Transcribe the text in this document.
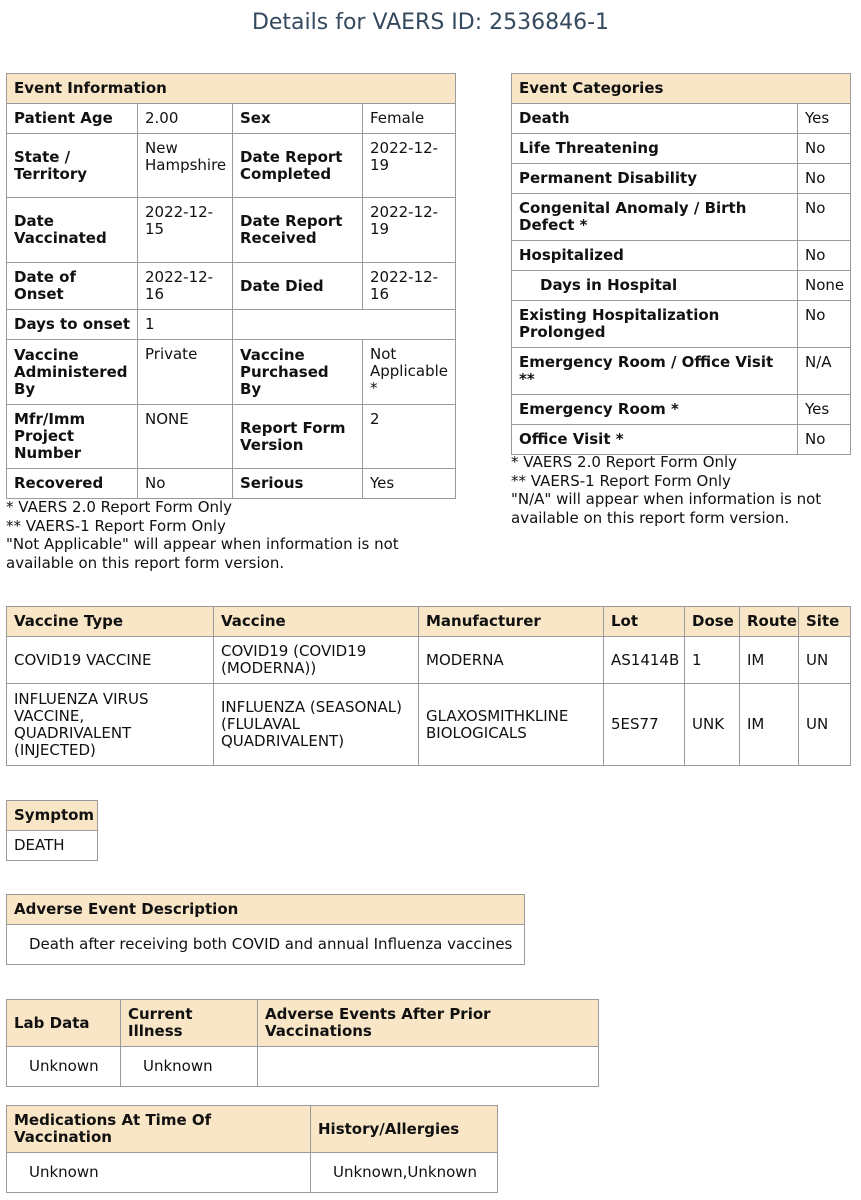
Details for VAERS ID: 2536846-1
Event Information			
Patient Age	2.00	Sex	Female
State / Territory	New Hampshire	Date Report Completed	2022-12-19
Date Vaccinated	2022-12-15	Date Report Received	2022-12-19
Date of Onset	2022-12-16	Date Died	2022-12-16
Days to onset	1		
Vaccine Administered By	Private	Vaccine Purchased By	Not Applicable *
Mfr/Imm Project Number	NONE	Report Form Version	2
Recovered	No	Serious	Yes
* VAERS 2.0 Report Form Only
** VAERS-1 Report Form Only
"Not Applicable" will appear when information is not available on this report form version.
Event Categories	
Death	Yes
Life Threatening	No
Permanent Disability	No
Congenital Anomaly / Birth Defect *	No
Hospitalized	No
Days in Hospital	None
Existing Hospitalization Prolonged	No
Emergency Room / Office Visit **	N/A
Emergency Room *	Yes
Office Visit *	No
* VAERS 2.0 Report Form Only
** VAERS-1 Report Form Only
"N/A" will appear when information is not available on this report form version.
Vaccine Type	Vaccine	Manufacturer	Lot	Dose	Route	Site
COVID19 VACCINE	COVID19 (COVID19 (MODERNA))	MODERNA	AS1414B	1	IM	UN
INFLUENZA VIRUS VACCINE, QUADRIVALENT (INJECTED)	INFLUENZA (SEASONAL) (FLULAVAL QUADRIVALENT)	GLAXOSMITHKLINE BIOLOGICALS	5ES77	UNK	IM	UN
Symptom
DEATH
Adverse Event Description
Death after receiving both COVID and annual Influenza vaccines
Lab Data	Current Illness	Adverse Events After Prior Vaccinations
Unknown	Unknown	
Medications At Time Of Vaccination	History/Allergies
Unknown	Unknown,Unknown
